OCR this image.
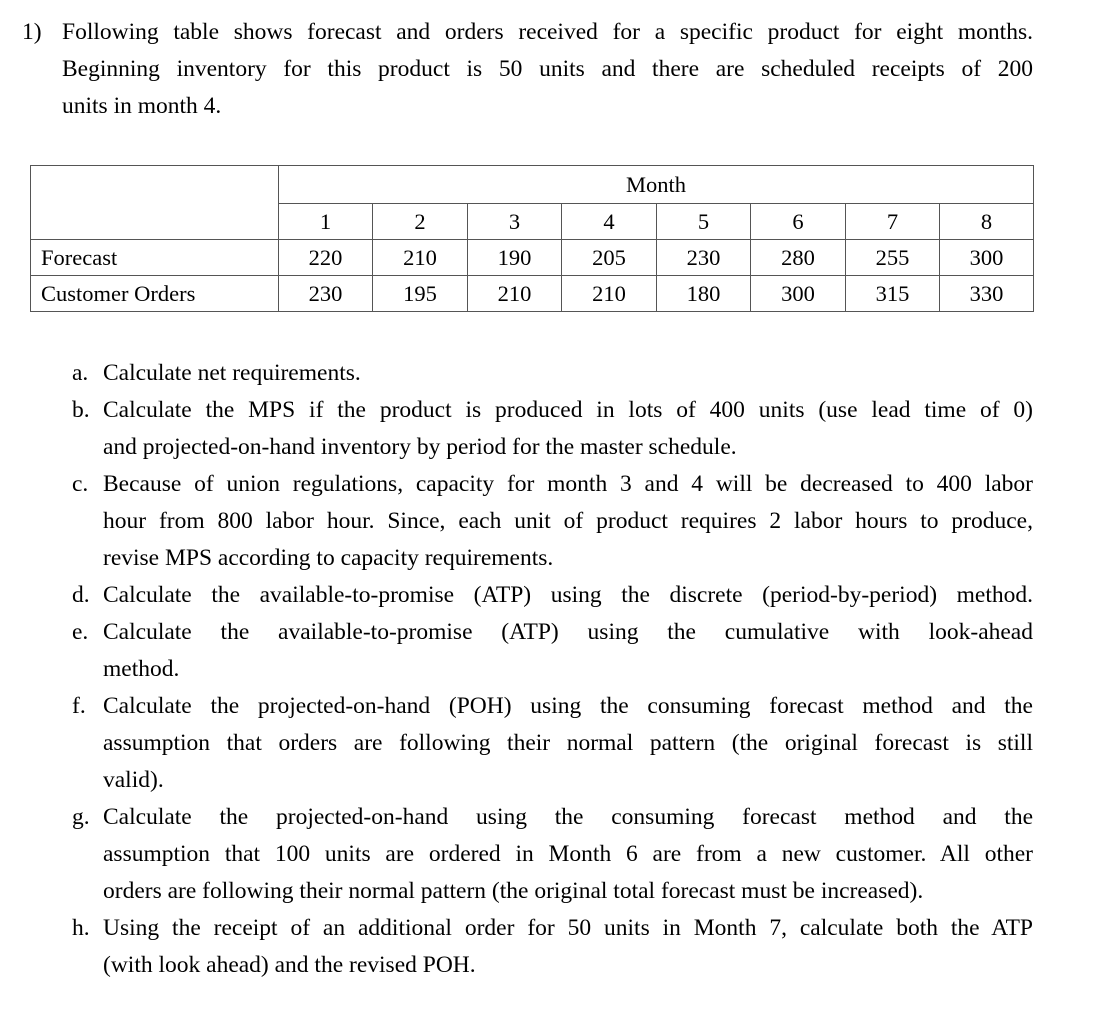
1) Following table shows forecast and orders received for a specific product for eight months.
Beginning inventory for this product is 50 units and there are scheduled receipts of 200
units in month 4.
	Month							
	1	2	3	4	5	6	7	8
Forecast	220	210	190	205	230	280	255	300
Customer Orders	230	195	210	210	180	300	315	330
a. Calculate net requirements.
b. Calculate the MPS if the product is produced in lots of 400 units (use lead time of 0)
and projected-on-hand inventory by period for the master schedule.
c. Because of union regulations, capacity for month 3 and 4 will be decreased to 400 labor
hour from 800 labor hour. Since, each unit of product requires 2 labor hours to produce,
revise MPS according to capacity requirements.
d. Calculate the available-to-promise (ATP) using the discrete (period-by-period) method.
e. Calculate the available-to-promise (ATP) using the cumulative with look-ahead
method.
f. Calculate the projected-on-hand (POH) using the consuming forecast method and the
assumption that orders are following their normal pattern (the original forecast is still
valid).
g. Calculate the projected-on-hand using the consuming forecast method and the
assumption that 100 units are ordered in Month 6 are from a new customer. All other
orders are following their normal pattern (the original total forecast must be increased).
h. Using the receipt of an additional order for 50 units in Month 7, calculate both the ATP
(with look ahead) and the revised POH.
